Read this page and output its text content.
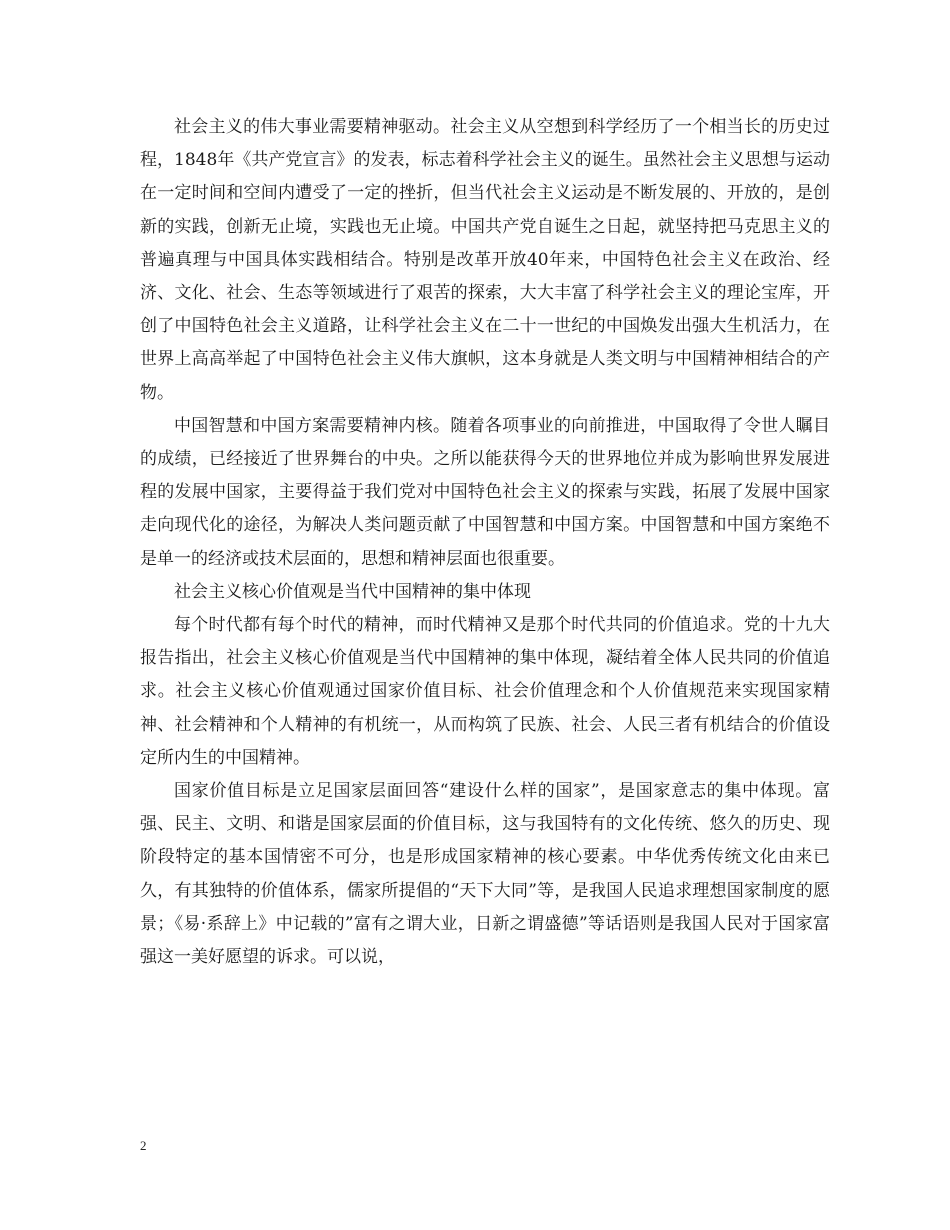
社会主义的伟大事业需要精神驱动。社会主义从空想到科学经历了一个相当长的历史过程，1848年《共产党宣言》的发表，标志着科学社会主义的诞生。虽然社会主义思想与运动在一定时间和空间内遭受了一定的挫折，但当代社会主义运动是不断发展的、开放的，是创新的实践，创新无止境，实践也无止境。中国共产党自诞生之日起，就坚持把马克思主义的普遍真理与中国具体实践相结合。特别是改革开放40年来，中国特色社会主义在政治、经济、文化、社会、生态等领域进行了艰苦的探索，大大丰富了科学社会主义的理论宝库，开创了中国特色社会主义道路，让科学社会主义在二十一世纪的中国焕发出强大生机活力，在世界上高高举起了中国特色社会主义伟大旗帜，这本身就是人类文明与中国精神相结合的产物。

中国智慧和中国方案需要精神内核。随着各项事业的向前推进，中国取得了令世人瞩目的成绩，已经接近了世界舞台的中央。之所以能获得今天的世界地位并成为影响世界发展进程的发展中国家，主要得益于我们党对中国特色社会主义的探索与实践，拓展了发展中国家走向现代化的途径，为解决人类问题贡献了中国智慧和中国方案。中国智慧和中国方案绝不是单一的经济或技术层面的，思想和精神层面也很重要。

社会主义核心价值观是当代中国精神的集中体现

每个时代都有每个时代的精神，而时代精神又是那个时代共同的价值追求。党的十九大报告指出，社会主义核心价值观是当代中国精神的集中体现，凝结着全体人民共同的价值追求。社会主义核心价值观通过国家价值目标、社会价值理念和个人价值规范来实现国家精神、社会精神和个人精神的有机统一，从而构筑了民族、社会、人民三者有机结合的价值设定所内生的中国精神。

国家价值目标是立足国家层面回答“建设什么样的国家”，是国家意志的集中体现。富强、民主、文明、和谐是国家层面的价值目标，这与我国特有的文化传统、悠久的历史、现阶段特定的基本国情密不可分，也是形成国家精神的核心要素。中华优秀传统文化由来已久，有其独特的价值体系，儒家所提倡的“天下大同”等，是我国人民追求理想国家制度的愿景；《易·系辞上》中记载的”富有之谓大业，日新之谓盛德”等话语则是我国人民对于国家富强这一美好愿望的诉求。可以说，

2
